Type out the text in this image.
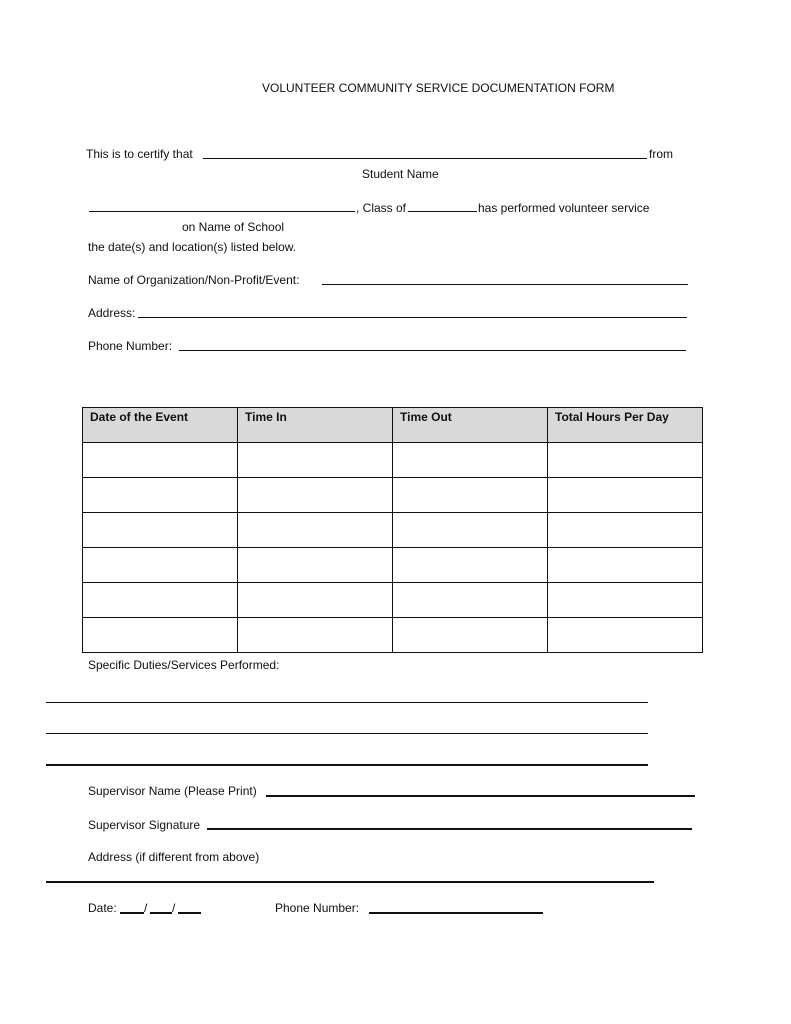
VOLUNTEER COMMUNITY SERVICE DOCUMENTATION FORM
This is to certify that	from
Student Name
, Class of	has performed volunteer service
on Name of School
the date(s) and location(s) listed below.
Name of Organization/Non-Profit/Event:
Address:
Phone Number:
Date of the Event	Time In	Time Out	Total Hours Per Day

Specific Duties/Services Performed:
Supervisor Name (Please Print)
Supervisor Signature
Address (if different from above)
Date: / /	Phone Number:
